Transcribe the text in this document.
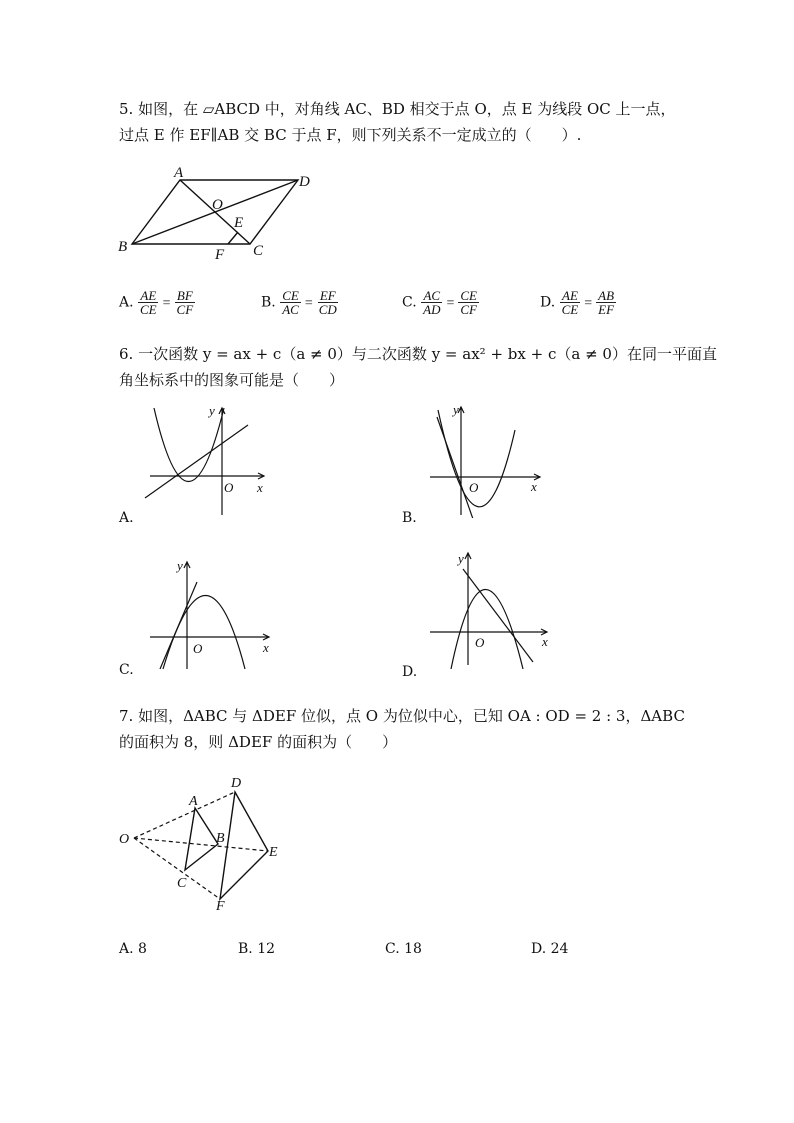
5. 如图，在 ▱ABCD 中，对角线 AC、BD 相交于点 O，点 E 为线段 OC 上一点，
过点 E 作 EF∥AB 交 BC 于点 F，则下列关系不一定成立的（　　）.
A
D
O
E
B	C
F
A. $\frac{AE}{CE} = \frac{BF}{CF}$	B. $\frac{CE}{AC} = \frac{EF}{CD}$	C. $\frac{AC}{AD} = \frac{CE}{CF}$	D. $\frac{AE}{CE} = \frac{AB}{EF}$
6. 一次函数 y = ax + c（a ≠ 0）与二次函数 y = ax² + bx + c（a ≠ 0）在同一平面直
角坐标系中的图象可能是（　　）
x
y
O
A.
x
y
O
B.
x
y
O
C.
x
y
O
D.
7. 如图，ΔABC 与 ΔDEF 位似，点 O 为位似中心，已知 OA : OD = 2 : 3，ΔABC
的面积为 8，则 ΔDEF 的面积为（　　）
O
A
B
C
D
E
F
A. 8	B. 12	C. 18	D. 24
